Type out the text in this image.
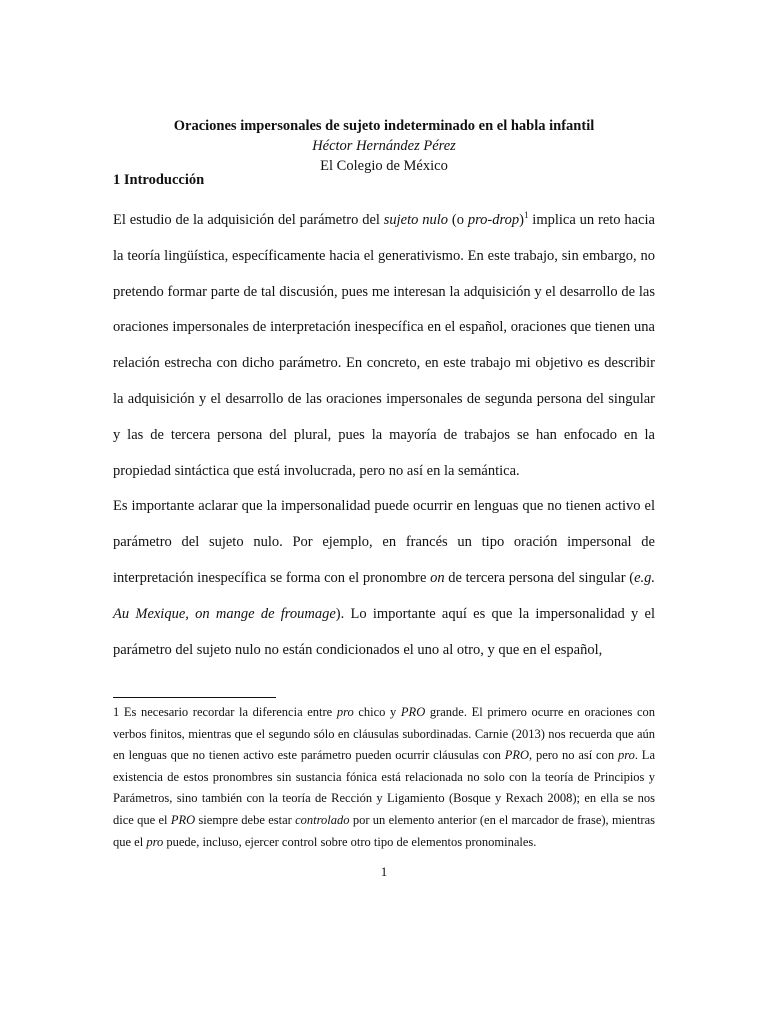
Oraciones impersonales de sujeto indeterminado en el habla infantil
Héctor Hernández Pérez
El Colegio de México
1 Introducción

El estudio de la adquisición del parámetro del sujeto nulo (o pro-drop)$^1$ implica un reto hacia la teoría lingüística, específicamente hacia el generativismo. En este trabajo, sin embargo, no pretendo formar parte de tal discusión, pues me interesan la adquisición y el desarrollo de las oraciones impersonales de interpretación inespecífica en el español, oraciones que tienen una relación estrecha con dicho parámetro. En concreto, en este trabajo mi objetivo es describir la adquisición y el desarrollo de las oraciones impersonales de segunda persona del singular y las de tercera persona del plural, pues la mayoría de trabajos se han enfocado en la propiedad sintáctica que está involucrada, pero no así en la semántica.

Es importante aclarar que la impersonalidad puede ocurrir en lenguas que no tienen activo el parámetro del sujeto nulo. Por ejemplo, en francés un tipo oración impersonal de interpretación inespecífica se forma con el pronombre on de tercera persona del singular (e.g. Au Mexique, on mange de froumage). Lo importante aquí es que la impersonalidad y el parámetro del sujeto nulo no están condicionados el uno al otro, y que en el español,

1 Es necesario recordar la diferencia entre pro chico y PRO grande. El primero ocurre en oraciones con verbos finitos, mientras que el segundo sólo en cláusulas subordinadas. Carnie (2013) nos recuerda que aún en lenguas que no tienen activo este parámetro pueden ocurrir cláusulas con PRO, pero no así con pro. La existencia de estos pronombres sin sustancia fónica está relacionada no solo con la teoría de Principios y Parámetros, sino también con la teoría de Rección y Ligamiento (Bosque y Rexach 2008); en ella se nos dice que el PRO siempre debe estar controlado por un elemento anterior (en el marcador de frase), mientras que el pro puede, incluso, ejercer control sobre otro tipo de elementos pronominales.

1
